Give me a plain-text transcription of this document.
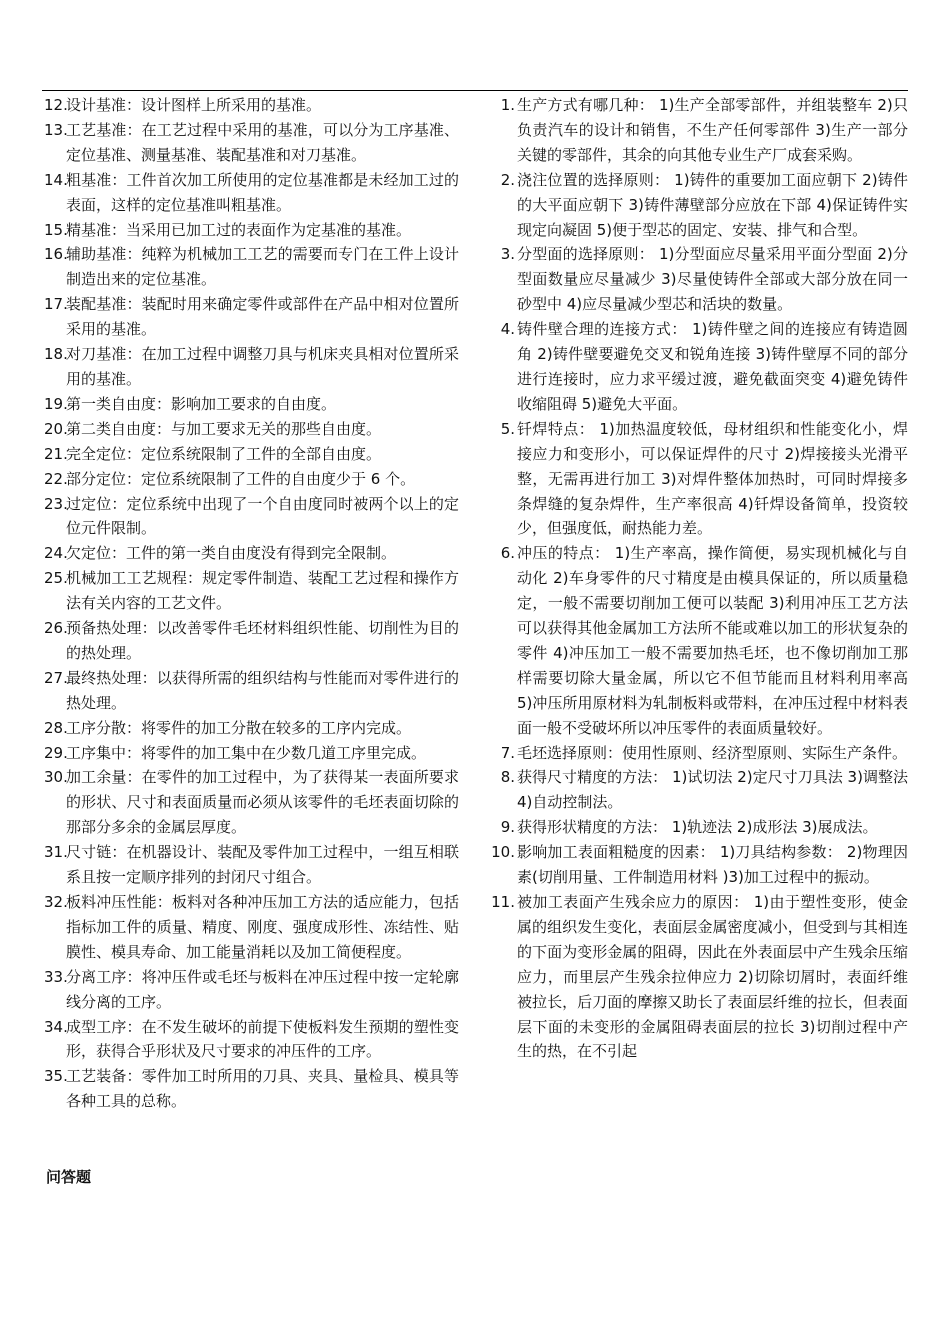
12.
设计基准：设计图样上所采用的基准。
13.
工艺基准：在工艺过程中采用的基准，可以分为工序基准、定位基准、测量基准、装配基准和对刀基准。
14.
粗基准：工件首次加工所使用的定位基准都是未经加工过的表面，这样的定位基准叫粗基准。
15.
精基准：当采用已加工过的表面作为定基准的基准。
16.
辅助基准：纯粹为机械加工工艺的需要而专门在工件上设计制造出来的定位基准。
17.
装配基准：装配时用来确定零件或部件在产品中相对位置所采用的基准。
18.
对刀基准：在加工过程中调整刀具与机床夹具相对位置所采用的基准。
19.
第一类自由度：影响加工要求的自由度。
20.
第二类自由度：与加工要求无关的那些自由度。
21.
完全定位：定位系统限制了工件的全部自由度。
22.
部分定位：定位系统限制了工件的自由度少于 6 个。
23.
过定位：定位系统中出现了一个自由度同时被两个以上的定位元件限制。
24.
欠定位：工件的第一类自由度没有得到完全限制。
25.
机械加工工艺规程：规定零件制造、装配工艺过程和操作方法有关内容的工艺文件。
26.
预备热处理：以改善零件毛坯材料组织性能、切削性为目的的热处理。
27.
最终热处理：以获得所需的组织结构与性能而对零件进行的热处理。
28.
工序分散：将零件的加工分散在较多的工序内完成。
29.
工序集中：将零件的加工集中在少数几道工序里完成。
30.
加工余量：在零件的加工过程中，为了获得某一表面所要求的形状、尺寸和表面质量而必须从该零件的毛坯表面切除的那部分多余的金属层厚度。
31.
尺寸链：在机器设计、装配及零件加工过程中，一组互相联系且按一定顺序排列的封闭尺寸组合。
32.
板料冲压性能：板料对各种冲压加工方法的适应能力，包括指标加工件的质量、精度、刚度、强度成形性、冻结性、贴膜性、模具寿命、加工能量消耗以及加工简便程度。
33.
分离工序：将冲压件或毛坯与板料在冲压过程中按一定轮廓线分离的工序。
34.
成型工序：在不发生破坏的前提下使板料发生预期的塑性变形，获得合乎形状及尺寸要求的冲压件的工序。
35.
工艺装备：零件加工时所用的刀具、夹具、量检具、模具等各种工具的总称。
问答题
1. 生产方式有哪几种： 1)生产全部零部件，并组装整车 2)只负责汽车的设计和销售，不生产任何零部件 3)生产一部分关键的零部件，其余的向其他专业生产厂成套采购。
2. 浇注位置的选择原则： 1)铸件的重要加工面应朝下 2)铸件的大平面应朝下 3)铸件薄壁部分应放在下部 4)保证铸件实现定向凝固 5)便于型芯的固定、安装、排气和合型。
3. 分型面的选择原则： 1)分型面应尽量采用平面分型面 2)分型面数量应尽量减少 3)尽量使铸件全部或大部分放在同一砂型中 4)应尽量减少型芯和活块的数量。
4. 铸件壁合理的连接方式： 1)铸件壁之间的连接应有铸造圆角 2)铸件壁要避免交叉和锐角连接 3)铸件壁厚不同的部分进行连接时，应力求平缓过渡，避免截面突变 4)避免铸件收缩阻碍 5)避免大平面。
5. 钎焊特点： 1)加热温度较低，母材组织和性能变化小，焊接应力和变形小，可以保证焊件的尺寸 2)焊接接头光滑平整，无需再进行加工 3)对焊件整体加热时，可同时焊接多条焊缝的复杂焊件，生产率很高 4)钎焊设备简单，投资较少，但强度低，耐热能力差。
6. 冲压的特点： 1)生产率高，操作简便，易实现机械化与自动化 2)车身零件的尺寸精度是由模具保证的，所以质量稳定，一般不需要切削加工便可以装配 3)利用冲压工艺方法可以获得其他金属加工方法所不能或难以加工的形状复杂的零件 4)冲压加工一般不需要加热毛坯，也不像切削加工那样需要切除大量金属，所以它不但节能而且材料利用率高 5)冲压所用原材料为轧制板料或带料，在冲压过程中材料表面一般不受破坏所以冲压零件的表面质量较好。
7. 毛坯选择原则：使用性原则、经济型原则、实际生产条件。
8. 获得尺寸精度的方法： 1)试切法 2)定尺寸刀具法 3)调整法 4)自动控制法。
9. 获得形状精度的方法： 1)轨迹法 2)成形法 3)展成法。
10. 影响加工表面粗糙度的因素： 1)刀具结构参数： 2)物理因素(切削用量、工件制造用材料 )3)加工过程中的振动。
11. 被加工表面产生残余应力的原因： 1)由于塑性变形，使金属的组织发生变化，表面层金属密度减小，但受到与其相连的下面为变形金属的阻碍，因此在外表面层中产生残余压缩应力，而里层产生残余拉伸应力 2)切除切屑时，表面纤维被拉长，后刀面的摩擦又助长了表面层纤维的拉长，但表面层下面的未变形的金属阻碍表面层的拉长 3)切削过程中产生的热，在不引起
